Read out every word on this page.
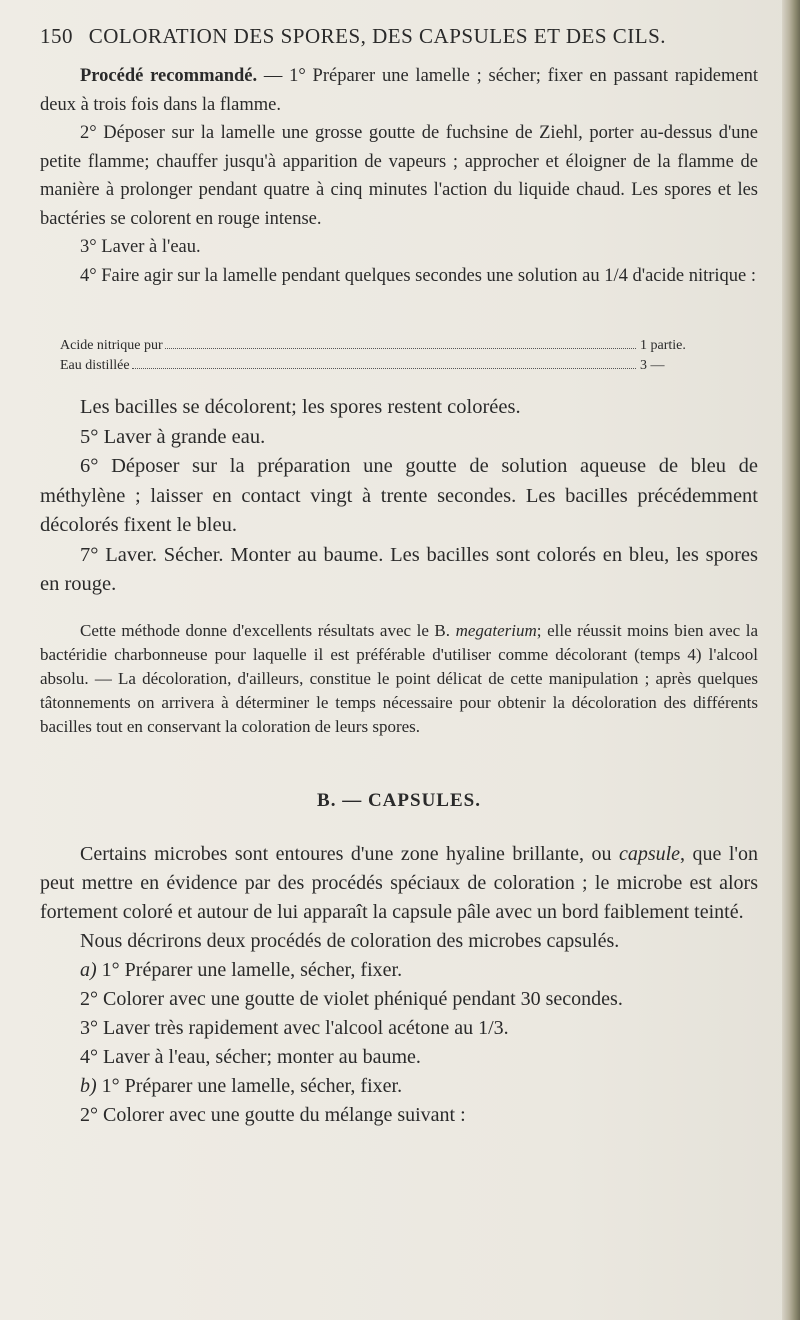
150 COLORATION DES SPORES, DES CAPSULES ET DES CILS.

Procédé recommandé. — 1° Préparer une lamelle ; sécher; fixer en passant rapidement deux à trois fois dans la flamme.

2° Déposer sur la lamelle une grosse goutte de fuchsine de Ziehl, porter au-dessus d'une petite flamme; chauffer jusqu'à apparition de vapeurs ; approcher et éloigner de la flamme de manière à prolonger pendant quatre à cinq minutes l'action du liquide chaud. Les spores et les bactéries se colorent en rouge intense.

3° Laver à l'eau.

4° Faire agir sur la lamelle pendant quelques secondes une solution au 1/4 d'acide nitrique :

Acide nitrique pur	1 partie.
Eau distillée	3 —

Les bacilles se décolorent; les spores restent colorées.

5° Laver à grande eau.

6° Déposer sur la préparation une goutte de solution aqueuse de bleu de méthylène ; laisser en contact vingt à trente secondes. Les bacilles précédemment décolorés fixent le bleu.

7° Laver. Sécher. Monter au baume. Les bacilles sont colorés en bleu, les spores en rouge.

Cette méthode donne d'excellents résultats avec le B. megaterium; elle réussit moins bien avec la bactéridie charbonneuse pour laquelle il est préférable d'utiliser comme décolorant (temps 4) l'alcool absolu. — La décoloration, d'ailleurs, constitue le point délicat de cette manipulation ; après quelques tâtonnements on arrivera à déterminer le temps nécessaire pour obtenir la décoloration des différents bacilles tout en conservant la coloration de leurs spores.

B. — CAPSULES.

Certains microbes sont entoures d'une zone hyaline brillante, ou capsule, que l'on peut mettre en évidence par des procédés spéciaux de coloration ; le microbe est alors fortement coloré et autour de lui apparaît la capsule pâle avec un bord faiblement teinté.

Nous décrirons deux procédés de coloration des microbes capsulés.

a) 1° Préparer une lamelle, sécher, fixer.

2° Colorer avec une goutte de violet phéniqué pendant 30 secondes.

3° Laver très rapidement avec l'alcool acétone au 1/3.

4° Laver à l'eau, sécher; monter au baume.

b) 1° Préparer une lamelle, sécher, fixer.

2° Colorer avec une goutte du mélange suivant :
